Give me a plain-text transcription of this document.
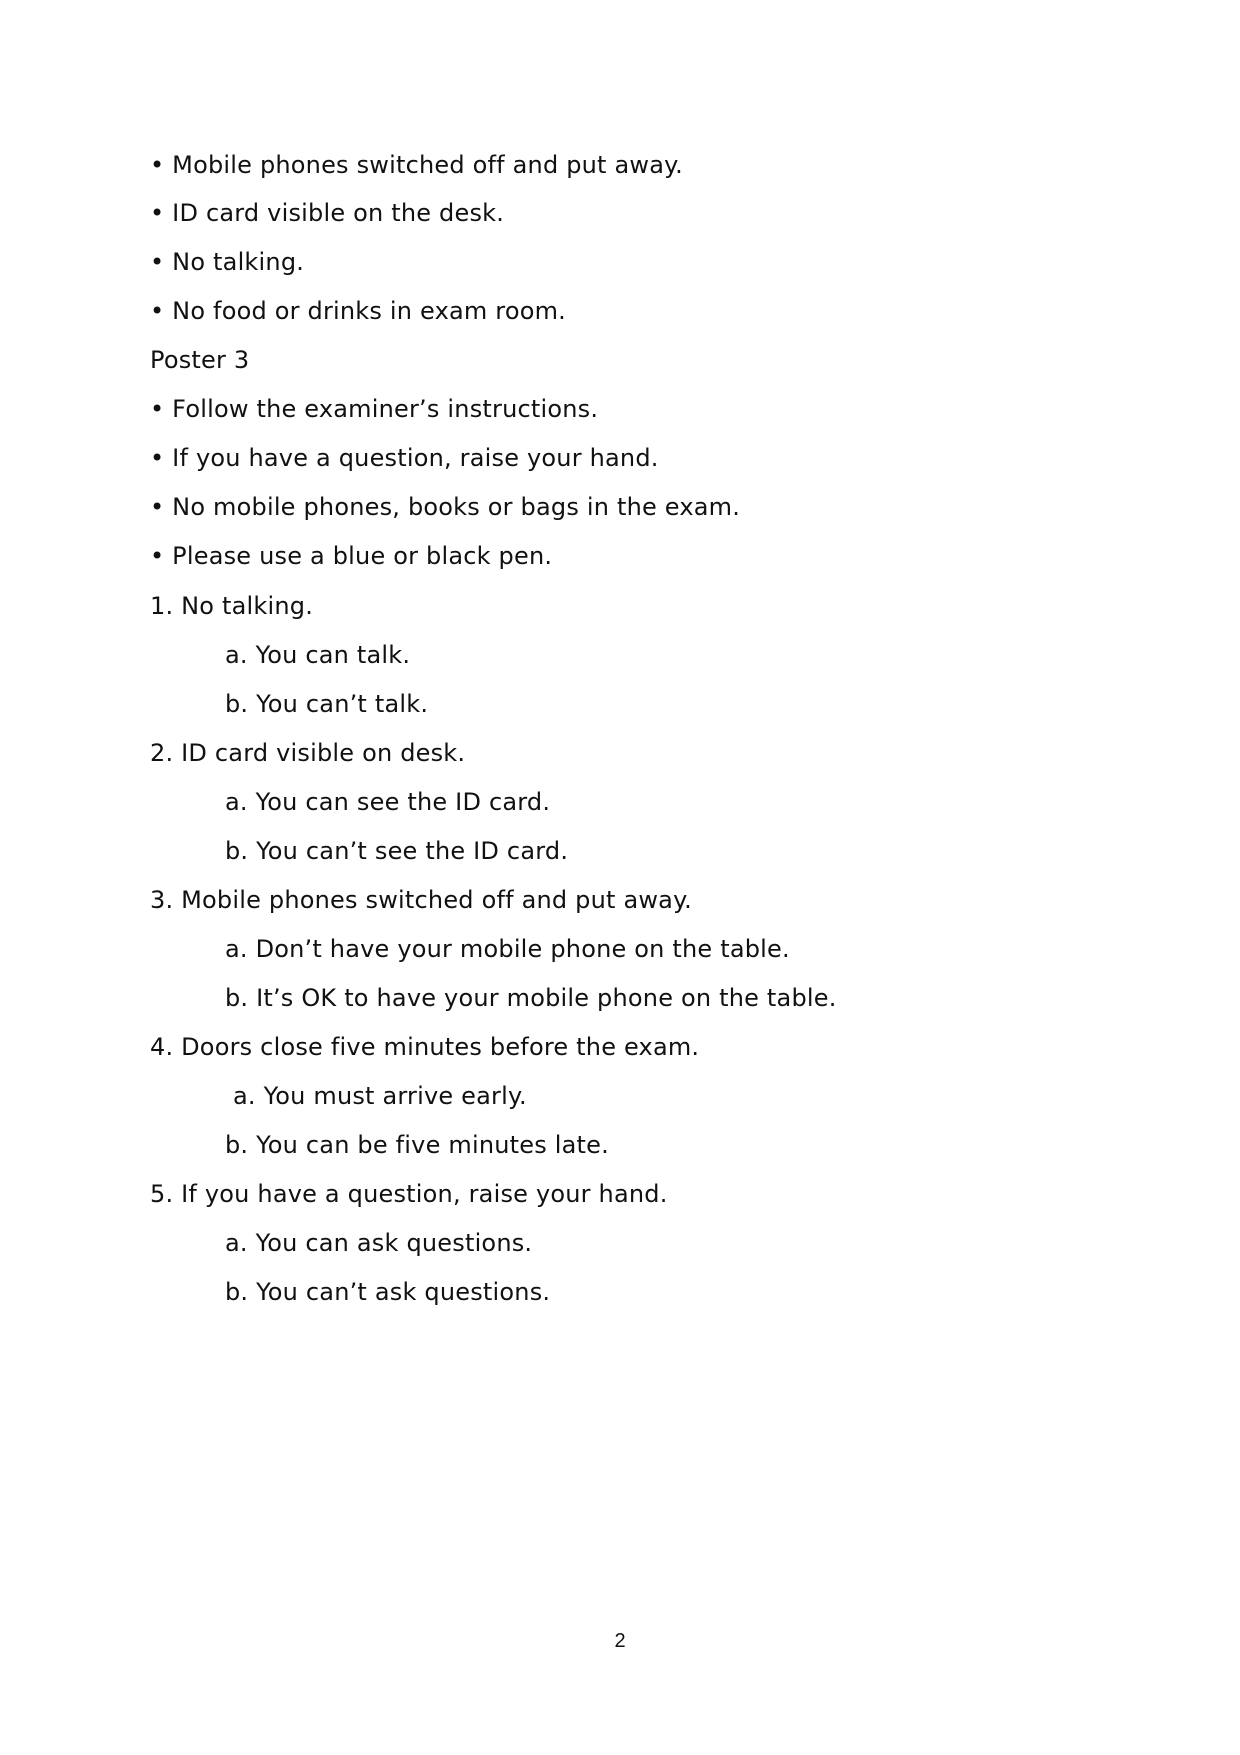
• Mobile phones switched off and put away.
• ID card visible on the desk.
• No talking.
• No food or drinks in exam room.
Poster 3
• Follow the examiner’s instructions.
• If you have a question, raise your hand.
• No mobile phones, books or bags in the exam.
• Please use a blue or black pen.
1. No talking.
a. You can talk.
b. You can’t talk.
2. ID card visible on desk.
a. You can see the ID card.
b. You can’t see the ID card.
3. Mobile phones switched off and put away.
a. Don’t have your mobile phone on the table.
b. It’s OK to have your mobile phone on the table.
4. Doors close five minutes before the exam.
a. You must arrive early.
b. You can be five minutes late.
5. If you have a question, raise your hand.
a. You can ask questions.
b. You can’t ask questions.
2
